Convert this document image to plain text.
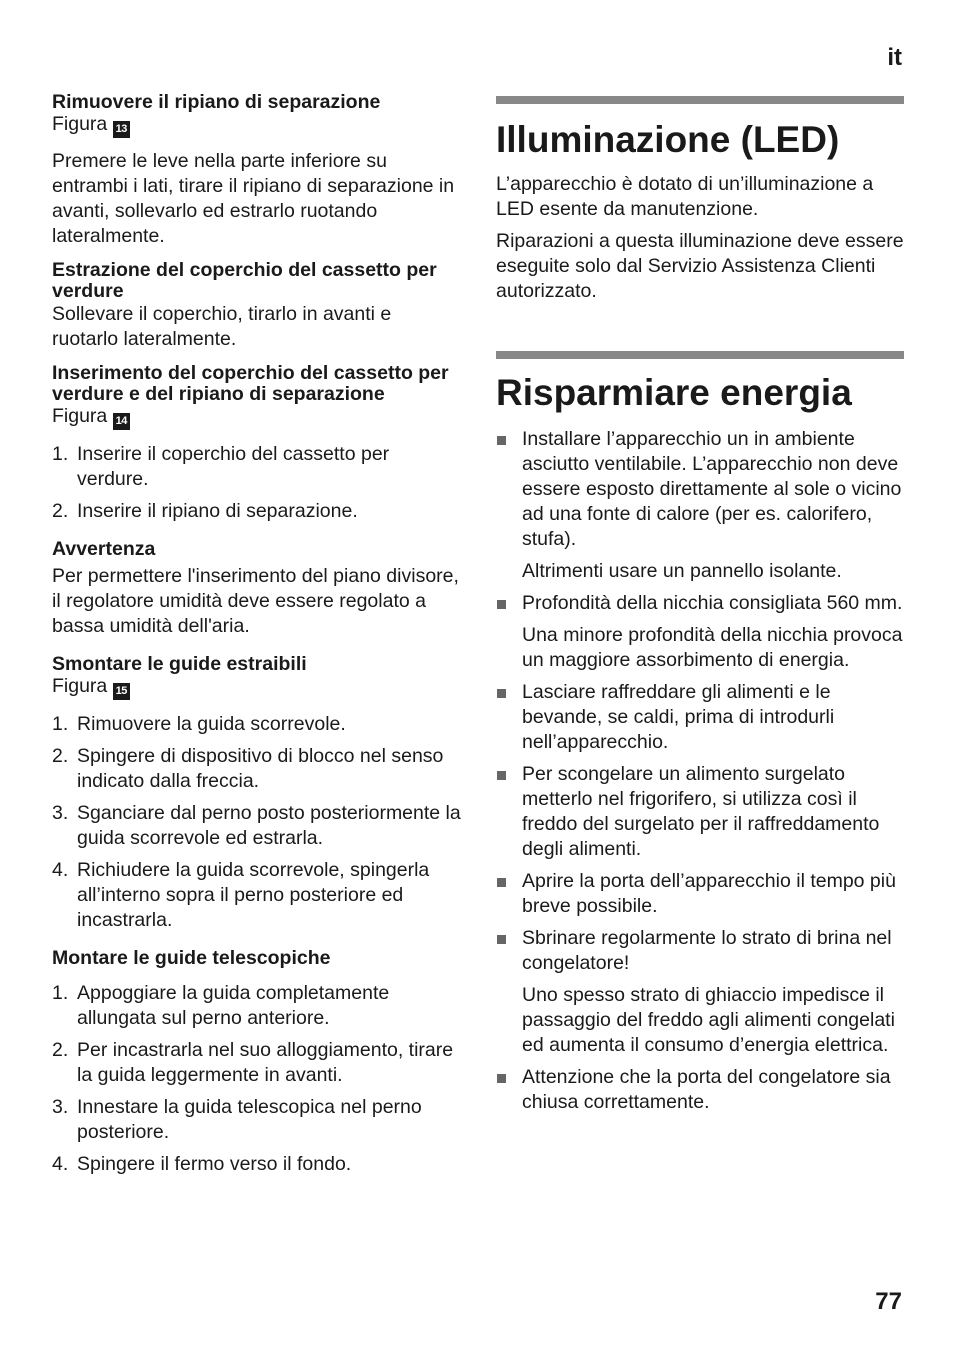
it
Rimuovere il ripiano di separazione

Figura 13

Premere le leve nella parte inferiore su entrambi i lati, tirare il ripiano di separazione in avanti, sollevarlo ed estrarlo ruotando lateralmente.

Estrazione del coperchio del cassetto per verdure

Sollevare il coperchio, tirarlo in avanti e ruotarlo lateralmente.

Inserimento del coperchio del cassetto per verdure e del ripiano di separazione

Figura 14

1. Inserire il coperchio del cassetto per verdure.
2. Inserire il ripiano di separazione.
Avvertenza

Per permettere l'inserimento del piano divisore, il regolatore umidità deve essere regolato a bassa umidità dell'aria.

Smontare le guide estraibili

Figura 15

1. Rimuovere la guida scorrevole.
2. Spingere di dispositivo di blocco nel senso indicato dalla freccia.
3. Sganciare dal perno posto posteriormente la guida scorrevole ed estrarla.
4. Richiudere la guida scorrevole, spingerla all’interno sopra il perno posteriore ed incastrarla.
Montare le guide telescopiche
1. Appoggiare la guida completamente allungata sul perno anteriore.
2. Per incastrarla nel suo alloggiamento, tirare la guida leggermente in avanti.
3. Innestare la guida telescopica nel perno posteriore.
4. Spingere il fermo verso il fondo.
Illuminazione (LED)

L’apparecchio è dotato di un’illuminazione a LED esente da manutenzione.

Riparazioni a questa illuminazione deve essere eseguite solo dal Servizio Assistenza Clienti autorizzato.

Risparmiare energia
Installare l’apparecchio un in ambiente asciutto ventilabile. L’apparecchio non deve essere esposto direttamente al sole o vicino ad una fonte di calore (per es. calorifero, stufa).

Altrimenti usare un pannello isolante.

Profondità della nicchia consigliata 560 mm.

Una minore profondità della nicchia provoca un maggiore assorbimento di energia.

Lasciare raffreddare gli alimenti e le bevande, se caldi, prima di introdurli nell’apparecchio.
Per scongelare un alimento surgelato metterlo nel frigorifero, si utilizza così il freddo del surgelato per il raffreddamento degli alimenti.
Aprire la porta dell’apparecchio il tempo più breve possibile.
Sbrinare regolarmente lo strato di brina nel congelatore!

Uno spesso strato di ghiaccio impedisce il passaggio del freddo agli alimenti congelati ed aumenta il consumo d’energia elettrica.

Attenzione che la porta del congelatore sia chiusa correttamente.
77
